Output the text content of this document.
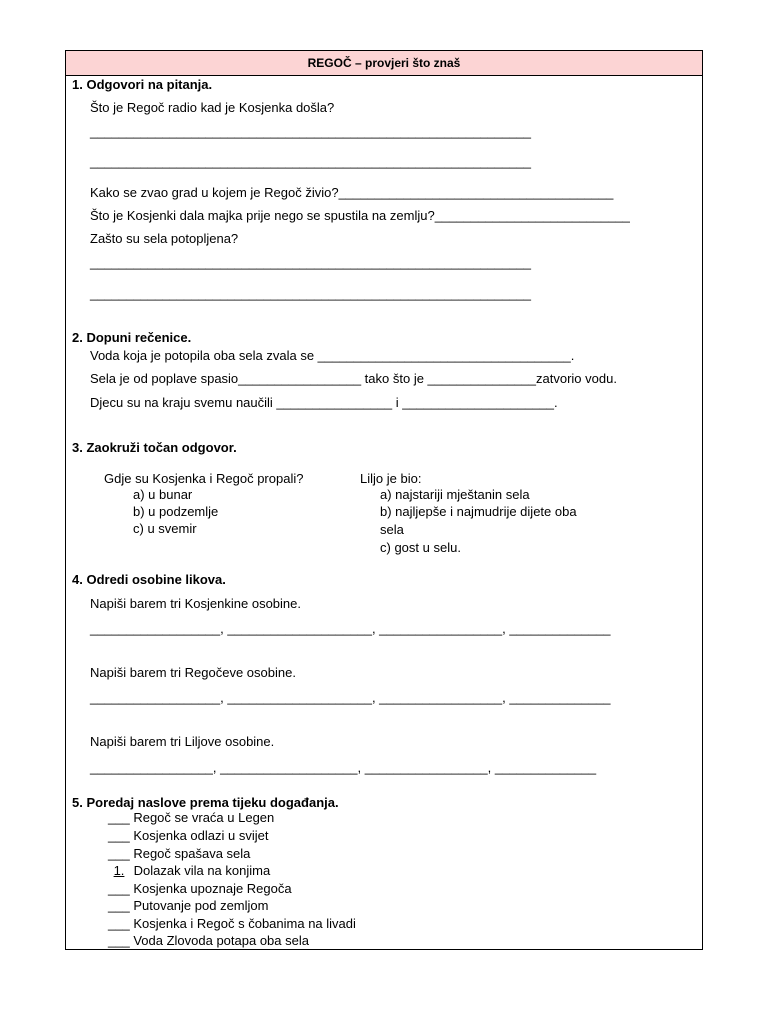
REGOČ – provjeri što znaš
1. Odgovori na pitanja.
Što je Regoč radio kad je Kosjenka došla?
_____________________________________________________________
_____________________________________________________________
Kako se zvao grad u kojem je Regoč živio?______________________________________
Što je Kosjenki dala majka prije nego se spustila na zemlju?___________________________
Zašto su sela potopljena?
_____________________________________________________________
_____________________________________________________________
2. Dopuni rečenice.
Voda koja je potopila oba sela zvala se ___________________________________.
Sela je od poplave spasio_________________ tako što je _______________zatvorio vodu.
Djecu su na kraju svemu naučili ________________ i _____________________.
3. Zaokruži točan odgovor.
Gdje su Kosjenka i Regoč propali?
a) u bunar
b) u podzemlje
c) u svemir
Liljo je bio:
a) najstariji mještanin sela
b) najljepše i najmudrije dijete oba
sela
c) gost u selu.
4. Odredi osobine likova.
Napiši barem tri Kosjenkine osobine.
__________________, ____________________, _________________, ______________
Napiši barem tri Regočeve osobine.
__________________, ____________________, _________________, ______________
Napiši barem tri Liljove osobine.
_________________, ___________________, _________________, ______________
5. Poredaj naslove prema tijeku događanja.
___ Regoč se vraća u Legen
___ Kosjenka odlazi u svijet
___ Regoč spašava sela
1. Dolazak vila na konjima
___ Kosjenka upoznaje Regoča
___ Putovanje pod zemljom
___ Kosjenka i Regoč s čobanima na livadi
___ Voda Zlovoda potapa oba sela
